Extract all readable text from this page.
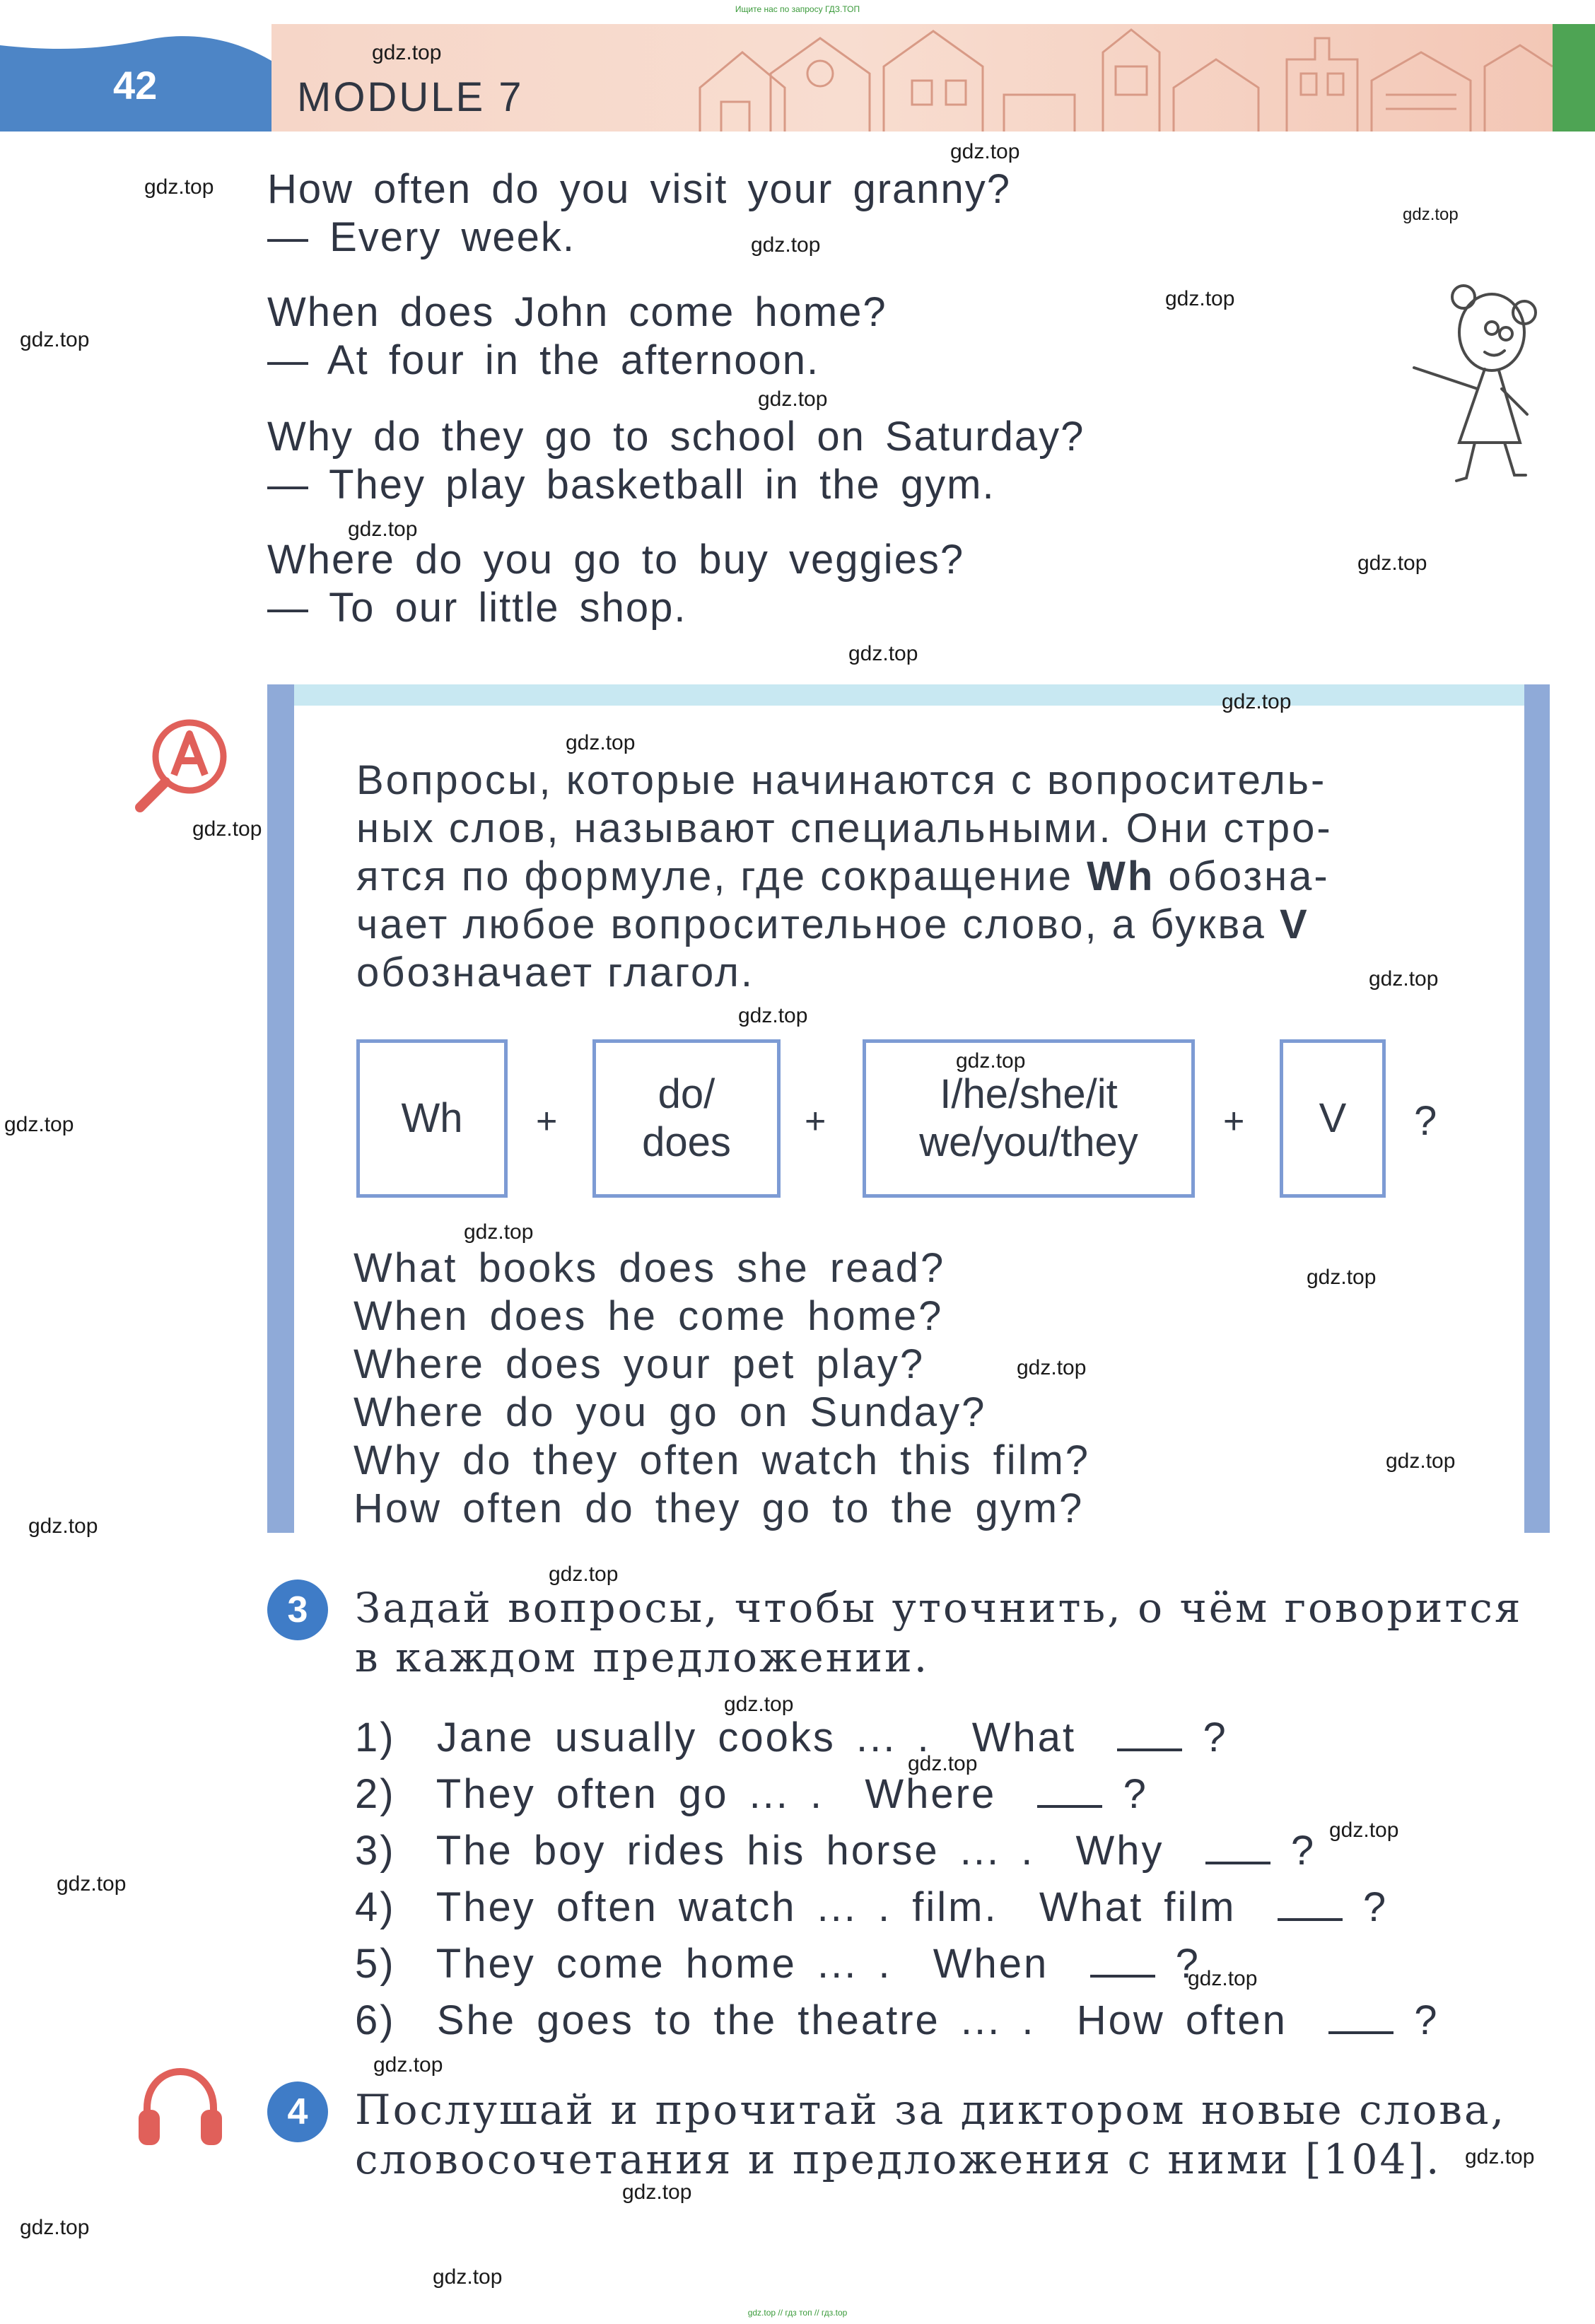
Ищите нас по запросу ГДЗ.ТОП
42	MODULE 7
How often do you visit your granny?
— Every week.
When does John come home?
— At four in the afternoon.
Why do they go to school on Saturday?
— They play basketball in the gym.
Where do you go to buy veggies?
— To our little shop.
Вопросы, которые начинаются с вопроситель-
ных слов, называют специальными. Они стро-
ятся по формуле, где сокращение Wh обозна-
чает любое вопросительное слово, а буква V
обозначает глагол.
Wh	+
do/
does +
I/he/she/it
we/you/they +	V	?
What books does she read?
When does he come home?
Where does your pet play?
Where do you go on Sunday?
Why do they often watch this film?
How often do they go to the gym?
3	Задай вопросы, чтобы уточнить, о чём говорится
в каждом предложении.
1) Jane usually cooks ... . What	?
2) They often go ... . Where	?
3) The boy rides his horse ... . Why	?
4) They often watch ... . film. What film	?
5) They come home ... . When	?
6) She goes to the theatre ... . How often	?
4	Послушай и прочитай за диктором новые слова,
словосочетания и предложения с ними [104].
gdz.top
gdz.top
gdz.top
gdz.top
gdz.top
gdz.top
gdz.top
gdz.top
gdz.top
gdz.top
gdz.top
gdz.top
gdz.top
gdz.top
gdz.top
gdz.top
gdz.top
gdz.top
gdz.top
gdz.top
gdz.top
gdz.top
gdz.top
gdz.top
gdz.top
gdz.top
gdz.top
gdz.top
gdz.top
gdz.top
gdz.top
gdz.top
gdz.top
gdz.top
gdz.top // гдз топ // гдз.top
